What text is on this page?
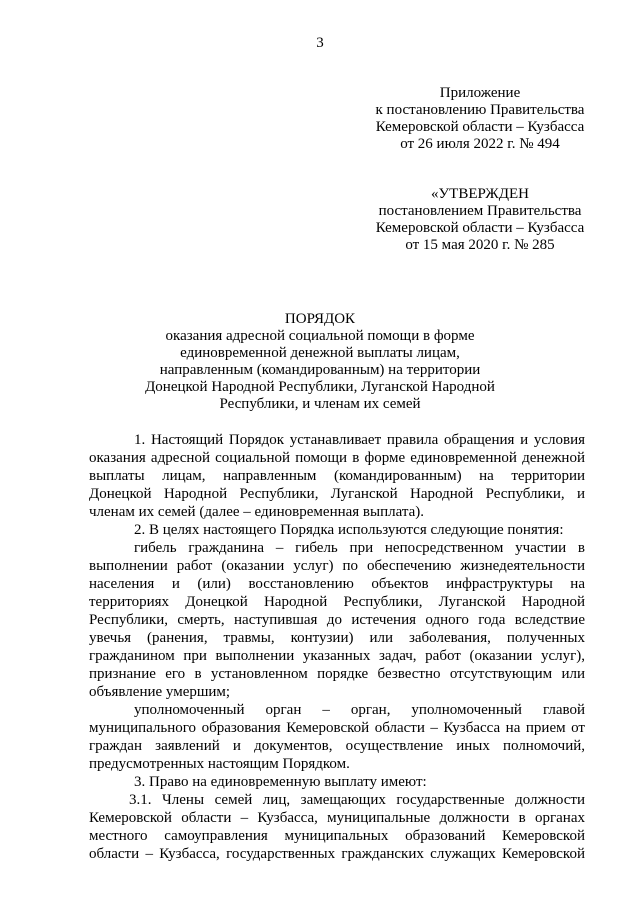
3
Приложение
к постановлению Правительства
Кемеровской области – Кузбасса
от 26 июля 2022 г. № 494
«УТВЕРЖДЕН
постановлением Правительства
Кемеровской области – Кузбасса
от 15 мая 2020 г. № 285
ПОРЯДОК
оказания адресной социальной помощи в форме
единовременной денежной выплаты лицам,
направленным (командированным) на территории
Донецкой Народной Республики, Луганской Народной
Республики, и членам их семей

1. Настоящий Порядок устанавливает правила обращения и условия

оказания адресной социальной помощи в форме единовременной денежной

выплаты лицам, направленным (командированным) на территории

Донецкой Народной Республики, Луганской Народной Республики, и

членам их семей (далее – единовременная выплата).

2. В целях настоящего Порядка используются следующие понятия:

гибель гражданина – гибель при непосредственном участии в

выполнении работ (оказании услуг) по обеспечению жизнедеятельности

населения и (или) восстановлению объектов инфраструктуры на

территориях Донецкой Народной Республики, Луганской Народной

Республики, смерть, наступившая до истечения одного года вследствие

увечья (ранения, травмы, контузии) или заболевания, полученных

гражданином при выполнении указанных задач, работ (оказании услуг),

признание его в установленном порядке безвестно отсутствующим или

объявление умершим;

уполномоченный орган – орган, уполномоченный главой

муниципального образования Кемеровской области – Кузбасса на прием от

граждан заявлений и документов, осуществление иных полномочий,

предусмотренных настоящим Порядком.

3. Право на единовременную выплату имеют:

3.1. Члены семей лиц, замещающих государственные должности

Кемеровской области – Кузбасса, муниципальные должности в органах

местного самоуправления муниципальных образований Кемеровской

области – Кузбасса, государственных гражданских служащих Кемеровской
